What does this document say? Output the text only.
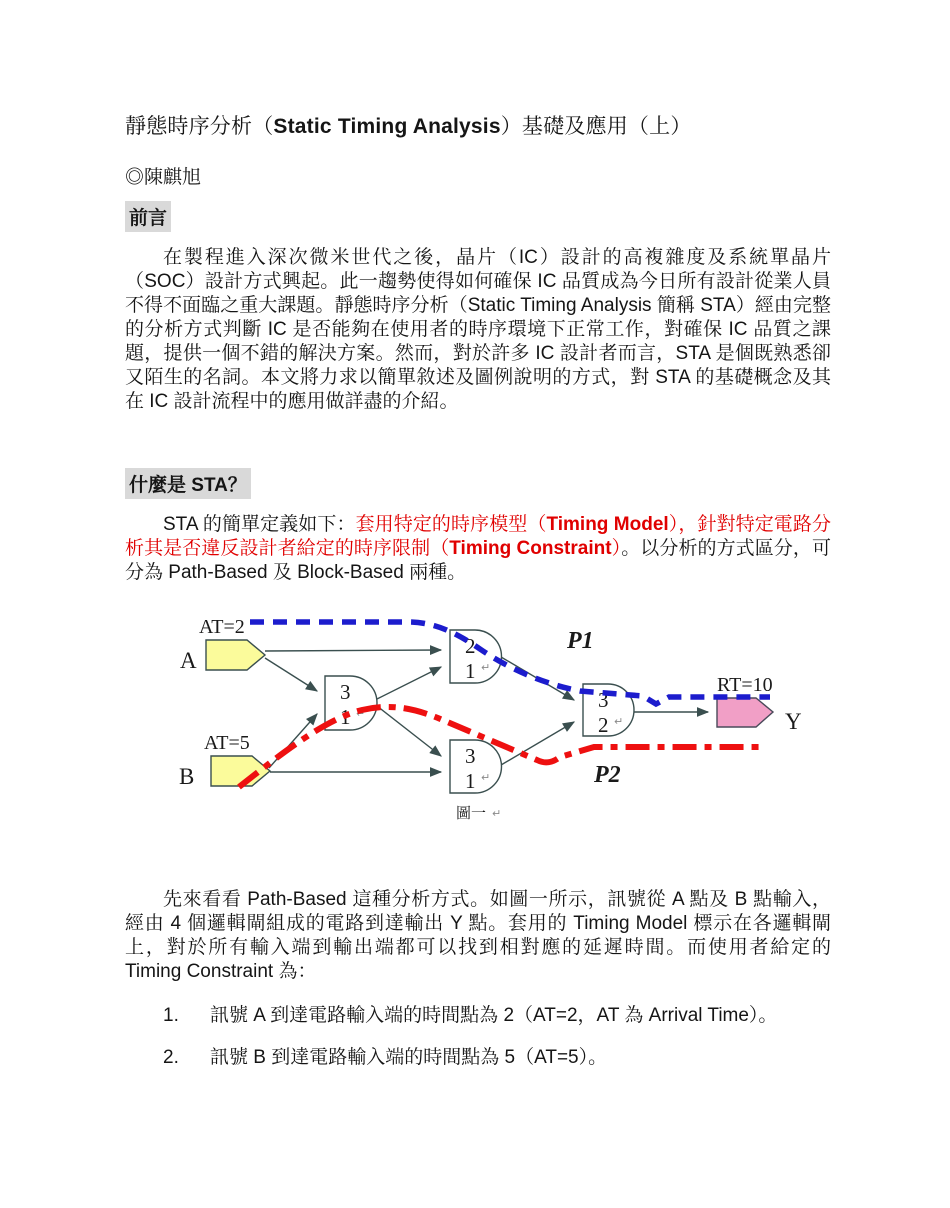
3
1 ↵
2
1 ↵
3
1 ↵
3
2 ↵
A
AT=2
B
AT=5
RT=10
Y
P1
P2
圖一 ↵
靜態時序分析（Static Timing Analysis）基礎及應用（上）
◎陳麒旭
前言

在製程進入深次微米世代之後，晶片（IC）設計的高複雜度及系統單晶片（SOC）設計方式興起。此一趨勢使得如何確保 IC 品質成為今日所有設計從業人員不得不面臨之重大課題。靜態時序分析（Static Timing Analysis 簡稱 STA）經由完整的分析方式判斷 IC 是否能夠在使用者的時序環境下正常工作，對確保 IC 品質之課題，提供一個不錯的解決方案。然而，對於許多 IC 設計者而言，STA 是個既熟悉卻又陌生的名詞。本文將力求以簡單敘述及圖例說明的方式，對 STA 的基礎概念及其在 IC 設計流程中的應用做詳盡的介紹。

什麼是 STA？

STA 的簡單定義如下：套用特定的時序模型（Timing Model），針對特定電路分析其是否違反設計者給定的時序限制（Timing Constraint）。以分析的方式區分，可分為 Path-Based 及 Block-Based 兩種。

先來看看 Path-Based 這種分析方式。如圖一所示，訊號從 A 點及 B 點輸入，經由 4 個邏輯閘組成的電路到達輸出 Y 點。套用的 Timing Model 標示在各邏輯閘上，對於所有輸入端到輸出端都可以找到相對應的延遲時間。而使用者給定的 Timing Constraint 為：

1. 訊號 A 到達電路輸入端的時間點為 2（AT=2，AT 為 Arrival Time）。
2. 訊號 B 到達電路輸入端的時間點為 5（AT=5）。
